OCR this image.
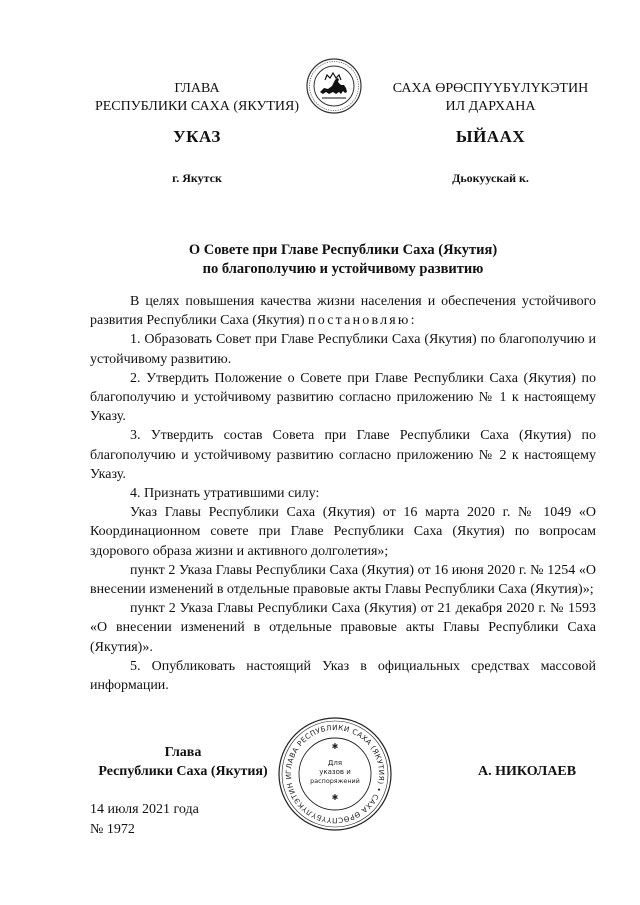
ГЛАВА
РЕСПУБЛИКИ САХА (ЯКУТИЯ)
САХА ӨРӨСПҮҮБҮЛҮКЭТИН
ИЛ ДАРХАНА
УКАЗ	ЫЙААХ
г. Якутск	Дьокуускай к.
О Совете при Главе Республики Саха (Якутия)
по благополучию и устойчивому развитию

В целях повышения качества жизни населения и обеспечения устойчивого развития Республики Саха (Якутия) постановляю:

1. Образовать Совет при Главе Республики Саха (Якутия) по благополучию и устойчивому развитию.

2. Утвердить Положение о Совете при Главе Республики Саха (Якутия) по благополучию и устойчивому развитию согласно приложению № 1 к настоящему Указу.

3. Утвердить состав Совета при Главе Республики Саха (Якутия) по благополучию и устойчивому развитию согласно приложению № 2 к настоящему Указу.

4. Признать утратившими силу:

Указ Главы Республики Саха (Якутия) от 16 марта 2020 г. № 1049 «О Координационном совете при Главе Республики Саха (Якутия) по вопросам здорового образа жизни и активного долголетия»;

пункт 2 Указа Главы Республики Саха (Якутия) от 16 июня 2020 г. № 1254 «О внесении изменений в отдельные правовые акты Главы Республики Саха (Якутия)»;

пункт 2 Указа Главы Республики Саха (Якутия) от 21 декабря 2020 г. № 1593 «О внесении изменений в отдельные правовые акты Главы Республики Саха (Якутия)».

5. Опубликовать настоящий Указ в официальных средствах массовой информации.

Глава
Республики Саха (Якутия)	А. НИКОЛАЕВ
ГЛАВА РЕСПУБЛИКИ САХА (ЯКУТИЯ) • САХА ӨРӨСПҮҮБҮЛҮКЭТИН И
Для
указов и
распоряжений
✱
✱
14 июля 2021 года
№ 1972
